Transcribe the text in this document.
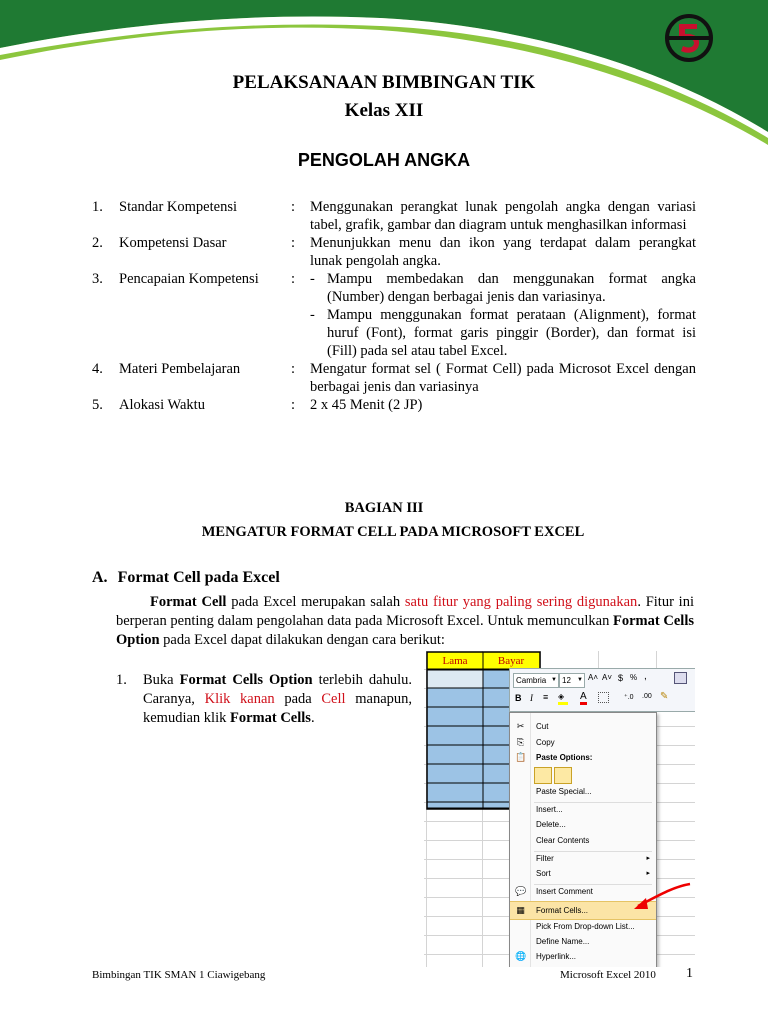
PELAKSANAAN BIMBINGAN TIK
Kelas XII
PENGOLAH ANGKA
1.	Standar Kompetensi	:	Menggunakan perangkat lunak pengolah angka dengan variasi tabel, grafik, gambar dan diagram untuk menghasilkan informasi
2.	Kompetensi Dasar	:	Menunjukkan menu dan ikon yang terdapat dalam perangkat lunak pengolah angka.
3.	Pencapaian Kompetensi	:	- Mampu membedakan dan menggunakan format angka (Number) dengan berbagai jenis dan variasinya.
- Mampu menggunakan format perataan (Alignment), format huruf (Font), format garis pinggir (Border), dan format isi (Fill) pada sel atau tabel Excel.
4.	Materi Pembelajaran	:	Mengatur format sel ( Format Cell) pada Microsot Excel dengan berbagai jenis dan variasinya
5.	Alokasi Waktu	:	2 x 45 Menit (2 JP)
BAGIAN III
MENGATUR FORMAT CELL PADA MICROSOFT EXCEL
A. Format Cell pada Excel
Format Cell pada Excel merupakan salah satu fitur yang paling sering digunakan. Fitur ini berperan penting dalam pengolahan data pada Microsoft Excel. Untuk memunculkan Format Cells Option pada Excel dapat dilakukan dengan cara berikut:
1.	Buka Format Cells Option terlebih dahulu. Caranya, Klik kanan pada Cell manapun, kemudian klik Format Cells.
Lama	Bayar
Cambria ▼ 12 ▼ A˄ A˅ $ % ,
B I ≡ ◈	A	⁺.0 .00 ✎
✂ Cut
⎘ Copy
📋 Paste Options:
Paste Special...
Insert...
Delete...
Clear Contents
Filter	▸
Sort	▸
💬 Insert Comment
▦ Format Cells...
Pick From Drop-down List...
Define Name...
🌐 Hyperlink...
Bimbingan TIK SMAN 1 Ciawigebang	Microsoft Excel 2010 1
